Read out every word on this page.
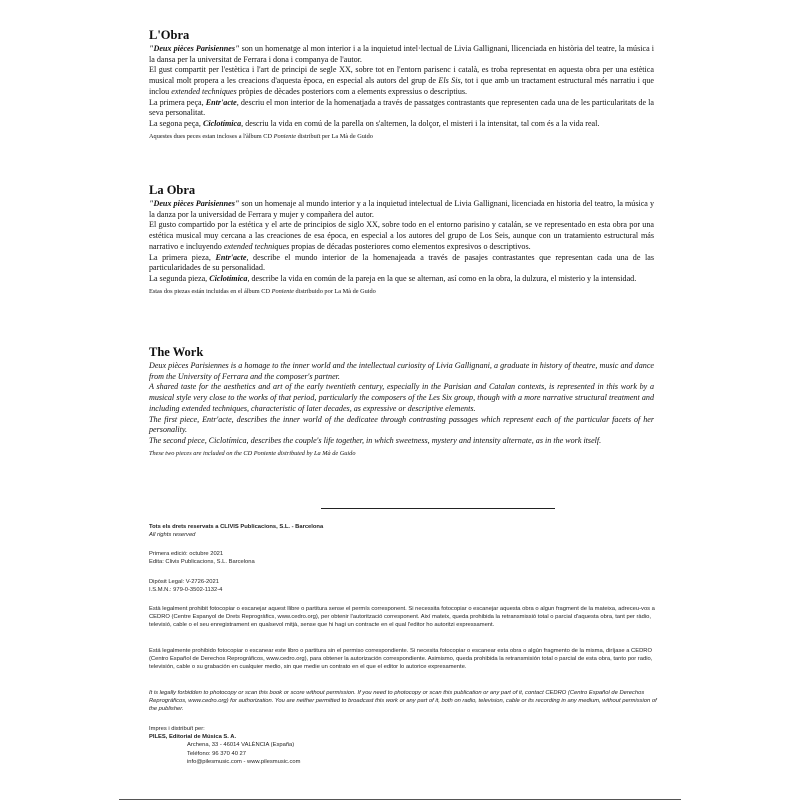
L'Obra

"Deux pièces Parisiennes" son un homenatge al mon interior i a la inquietud intel·lectual de Livia Gallignani, llicenciada en història del teatre, la música i la dansa per la universitat de Ferrara i dona i companya de l'autor.

El gust compartit per l'estètica i l'art de principi de segle XX, sobre tot en l'entorn parisenc i català, es troba representat en aquesta obra per una estètica musical molt propera a les creacions d'aquesta època, en especial als autors del grup de Els Sis, tot i que amb un tractament estructural més narratiu i que inclou extended techniques pròpies de dècades posteriors com a elements expressius o descriptius.

La primera peça, Entr'acte, descriu el mon interior de la homenatjada a través de passatges contrastants que representen cada una de les particularitats de la seva personalitat.

La segona peça, Ciclotímica, descriu la vida en comú de la parella on s'alternen, la dolçor, el misteri i la intensitat, tal com és a la vida real.

Aquestes dues peces estan incloses a l'àlbum CD Poniente distribuït per La Mà de Guido

La Obra

"Deux pièces Parisiennes" son un homenaje al mundo interior y a la inquietud intelectual de Livia Gallignani, licenciada en historia del teatro, la música y la danza por la universidad de Ferrara y mujer y compañera del autor.

El gusto compartido por la estética y el arte de principios de siglo XX, sobre todo en el entorno parisino y catalán, se ve representado en esta obra por una estética musical muy cercana a las creaciones de esa época, en especial a los autores del grupo de Los Seis, aunque con un tratamiento estructural más narrativo e incluyendo extended techniques propias de décadas posteriores como elementos expresivos o descriptivos.

La primera pieza, Entr'acte, describe el mundo interior de la homenajeada a través de pasajes contrastantes que representan cada una de las particularidades de su personalidad.

La segunda pieza, Ciclotímica, describe la vida en común de la pareja en la que se alternan, así como en la obra, la dulzura, el misterio y la intensidad.

Estas dos piezas están incluidas en el álbum CD Poniente distribuido por La Mà de Guido

The Work

Deux pièces Parisiennes is a homage to the inner world and the intellectual curiosity of Livia Gallignani, a graduate in history of theatre, music and dance from the University of Ferrara and the composer's partner.

A shared taste for the aesthetics and art of the early twentieth century, especially in the Parisian and Catalan contexts, is represented in this work by a musical style very close to the works of that period, particularly the composers of the Les Six group, though with a more narrative structural treatment and including extended techniques, characteristic of later decades, as expressive or descriptive elements.

The first piece, Entr'acte, describes the inner world of the dedicatee through contrasting passages which represent each of the particular facets of her personality.

The second piece, Ciclotímica, describes the couple's life together, in which sweetness, mystery and intensity alternate, as in the work itself.

These two pieces are included on the CD Poniente distributed by La Mà de Guido

Tots els drets reservats a CLIVIS Publicacions, S.L. - Barcelona

All rights reserved

Primera edició: octubre 2021

Edita: Clivis Publicacions, S.L. Barcelona

Dipòsit Legal: V-2726-2021

I.S.M.N.: 979-0-3502-1132-4

Està legalment prohibit fotocopiar o escanejar aquest llibre o partitura sense el permís corresponent. Si necessita fotocopiar o escanejar aquesta obra o algun fragment de la mateixa, adreceu-vos a CEDRO (Centre Espanyol de Drets Reprogràfics, www.cedro.org), per obtenir l'autorització corresponent. Així mateix, queda prohibida la retransmissió total o parcial d'aquesta obra, tant per ràdio, televisió, cable o el seu enregistrament en qualsevol mitjà, sense que hi hagi un contracte en el qual l'editor ho autoritzi expressament.

Está legalmente prohibido fotocopiar o escanear este libro o partitura sin el permiso correspondiente. Si necesita fotocopiar o escanear esta obra o algún fragmento de la misma, diríjase a CEDRO (Centro Español de Derechos Reprográficos, www.cedro.org), para obtener la autorización correspondiente. Asimismo, queda prohibida la retransmisión total o parcial de esta obra, tanto por radio, televisión, cable o su grabación en cualquier medio, sin que medie un contrato en el que el editor lo autorice expresamente.

It is legally forbidden to photocopy or scan this book or score without permission. If you need to photocopy or scan this publication or any part of it, contact CEDRO (Centro Español de Derechos Reprográficos, www.cedro.org) for authorization. You are neither permitted to broadcast this work or any part of it, both on radio, television, cable or its recording in any medium, without permission of the publisher.

Impres i distribuït per:

PILES, Editorial de Música S. A.

Archena, 33 - 46014 VALÈNCIA (España)

Teléfono: 96 370 40 27

info@pilesmusic.com - www.pilesmusic.com
